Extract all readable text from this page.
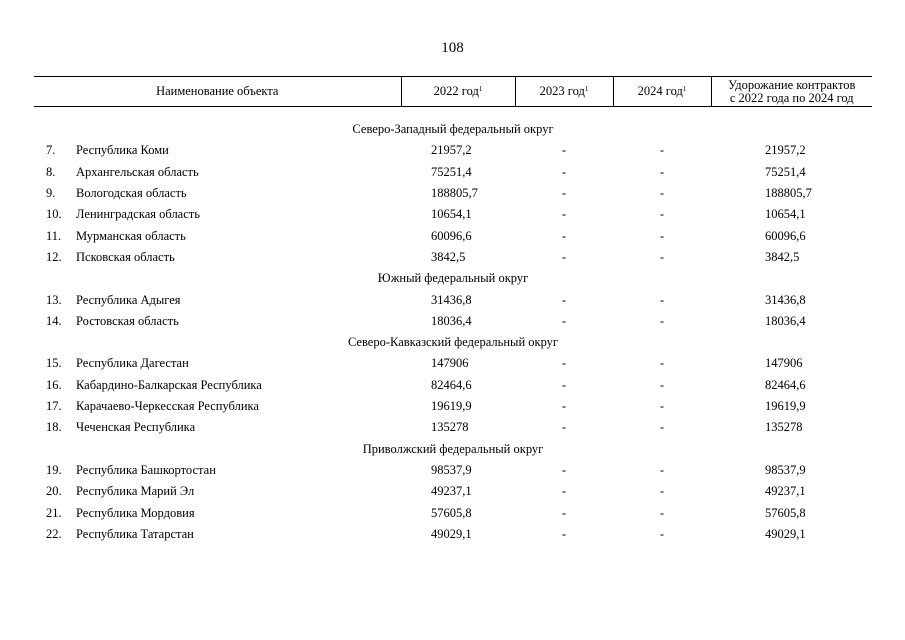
108
Наименование объекта		2022 год$^1$	2023 год$^1$	2024 год$^1$	Удорожание контрактов
с 2022 года по 2024 год

Северо-Западный федеральный округ					
7.	Республика Коми	21957,2	-	-	21957,2
8.	Архангельская область	75251,4	-	-	75251,4
9.	Вологодская область	188805,7	-	-	188805,7
10.	Ленинградская область	10654,1	-	-	10654,1
11.	Мурманская область	60096,6	-	-	60096,6
12.	Псковская область	3842,5	-	-	3842,5
Южный федеральный округ					
13.	Республика Адыгея	31436,8	-	-	31436,8
14.	Ростовская область	18036,4	-	-	18036,4
Северо-Кавказский федеральный округ					
15.	Республика Дагестан	147906	-	-	147906
16.	Кабардино-Балкарская Республика	82464,6	-	-	82464,6
17.	Карачаево-Черкесская Республика	19619,9	-	-	19619,9
18.	Чеченская Республика	135278	-	-	135278
Приволжский федеральный округ					
19.	Республика Башкортостан	98537,9	-	-	98537,9
20.	Республика Марий Эл	49237,1	-	-	49237,1
21.	Республика Мордовия	57605,8	-	-	57605,8
22.	Республика Татарстан	49029,1	-	-	49029,1
